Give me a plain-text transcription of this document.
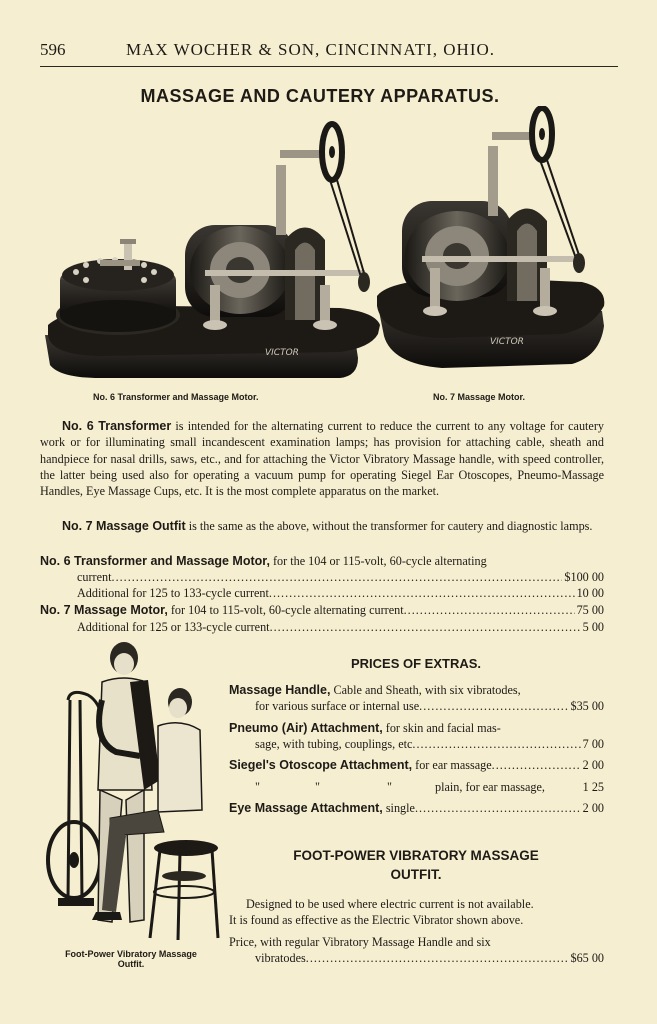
596	MAX WOCHER & SON, CINCINNATI, OHIO.
MASSAGE AND CAUTERY APPARATUS.
VICTOR
VICTOR
No. 6 Transformer and Massage Motor.	No. 7 Massage Motor.
No. 6 Transformer is intended for the alternating current to reduce the current to any voltage for cautery work or for illuminating small incandescent examination lamps; has provision for attaching cable, sheath and handpiece for nasal drills, saws, etc., and for attaching the Victor Vibratory Massage handle, with speed controller, the latter being used also for operating a vacuum pump for operating Siegel Ear Otoscopes, Pneumo-Massage Handles, Eye Massage Cups, etc. It is the most complete apparatus on the market.
No. 7 Massage Outfit is the same as the above, without the transformer for cautery and diagnostic lamps.
No. 6 Transformer and Massage Motor, for the 104 or 115-volt, 60-cycle alternating
current .....	$100 00
Additional for 125 to 133-cycle current .....	10 00
No. 7 Massage Motor, for 104 to 115-volt, 60-cycle alternating current .....	75 00
Additional for 125 or 133-cycle current .....	5 00
Foot-Power Vibratory Massage
Outfit.
PRICES OF EXTRAS.
Massage Handle, Cable and Sheath, with six vibratodes,
for various surface or internal use .....	$35 00
Pneumo (Air) Attachment, for skin and facial mas-
sage, with tubing, couplings, etc .....	7 00
Siegel's Otoscope Attachment, for ear massage .....	2 00
"	"	"	plain, for ear massage,	1 25
Eye Massage Attachment, single .....	2 00
FOOT-POWER VIBRATORY MASSAGE
OUTFIT.
Designed to be used where electric current is not available.
It is found as effective as the Electric Vibrator shown above.
Price, with regular Vibratory Massage Handle and six
vibratodes .....	$65 00
